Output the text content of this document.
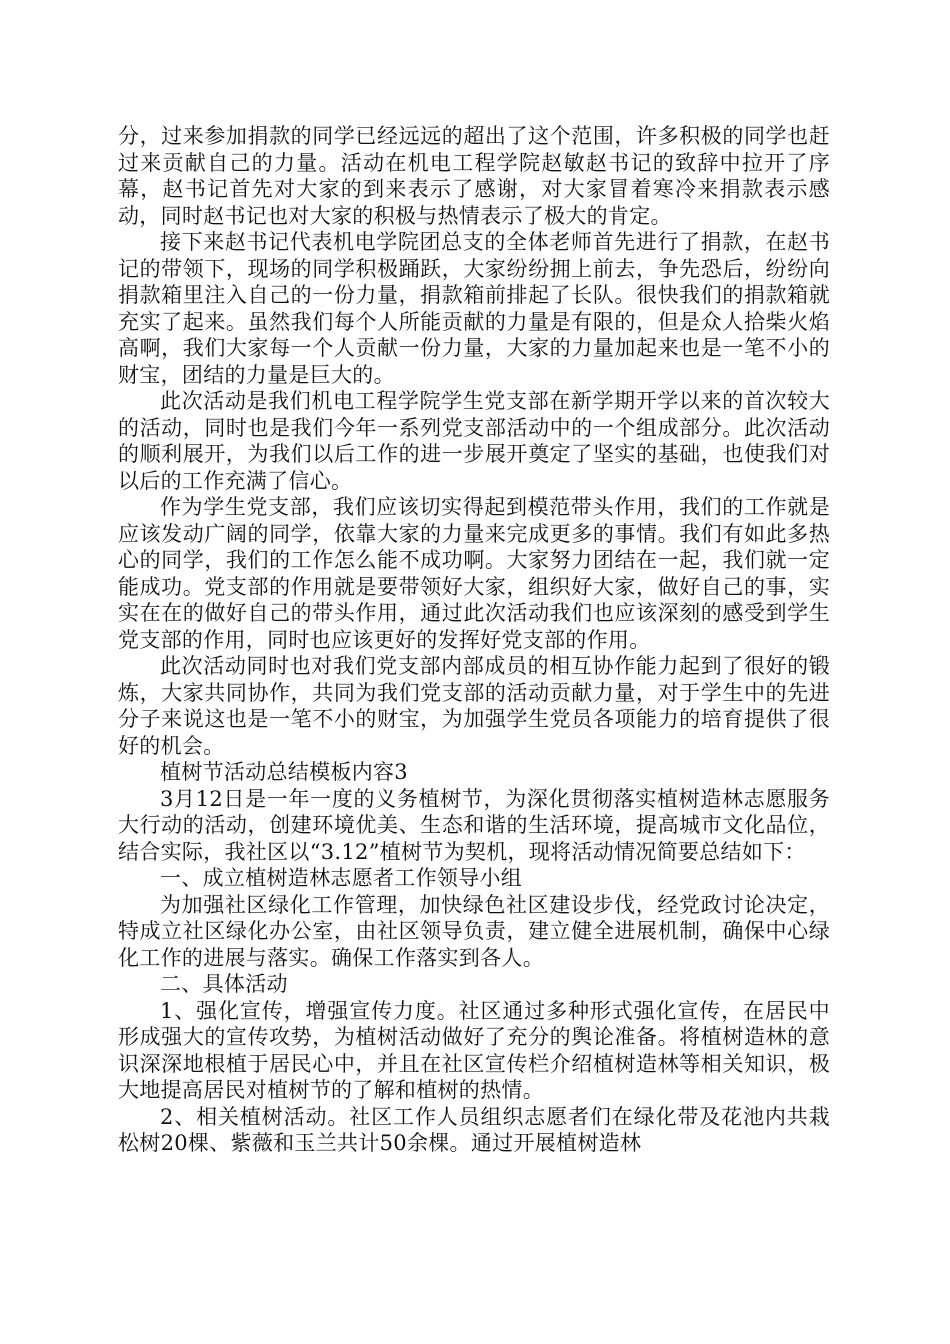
分，过来参加捐款的同学已经远远的超出了这个范围，许多积极的同学也赶过来贡献自己的力量。活动在机电工程学院赵敏赵书记的致辞中拉开了序幕，赵书记首先对大家的到来表示了感谢，对大家冒着寒冷来捐款表示感动，同时赵书记也对大家的积极与热情表示了极大的肯定。

接下来赵书记代表机电学院团总支的全体老师首先进行了捐款，在赵书记的带领下，现场的同学积极踊跃，大家纷纷拥上前去，争先恐后，纷纷向捐款箱里注入自己的一份力量，捐款箱前排起了长队。很快我们的捐款箱就充实了起来。虽然我们每个人所能贡献的力量是有限的，但是众人拾柴火焰高啊，我们大家每一个人贡献一份力量，大家的力量加起来也是一笔不小的财宝，团结的力量是巨大的。

此次活动是我们机电工程学院学生党支部在新学期开学以来的首次较大的活动，同时也是我们今年一系列党支部活动中的一个组成部分。此次活动的顺利展开，为我们以后工作的进一步展开奠定了坚实的基础，也使我们对以后的工作充满了信心。

作为学生党支部，我们应该切实得起到模范带头作用，我们的工作就是应该发动广阔的同学，依靠大家的力量来完成更多的事情。我们有如此多热心的同学，我们的工作怎么能不成功啊。大家努力团结在一起，我们就一定能成功。党支部的作用就是要带领好大家，组织好大家，做好自己的事，实实在在的做好自己的带头作用，通过此次活动我们也应该深刻的感受到学生党支部的作用，同时也应该更好的发挥好党支部的作用。

此次活动同时也对我们党支部内部成员的相互协作能力起到了很好的锻炼，大家共同协作，共同为我们党支部的活动贡献力量，对于学生中的先进分子来说这也是一笔不小的财宝，为加强学生党员各项能力的培育提供了很好的机会。

植树节活动总结模板内容3

3月12日是一年一度的义务植树节，为深化贯彻落实植树造林志愿服务大行动的活动，创建环境优美、生态和谐的生活环境，提高城市文化品位，结合实际，我社区以“3.12”植树节为契机，现将活动情况简要总结如下：

一、成立植树造林志愿者工作领导小组

为加强社区绿化工作管理，加快绿色社区建设步伐，经党政讨论决定，特成立社区绿化办公室，由社区领导负责，建立健全进展机制，确保中心绿化工作的进展与落实。确保工作落实到各人。

二、具体活动

1、强化宣传，增强宣传力度。社区通过多种形式强化宣传，在居民中形成强大的宣传攻势，为植树活动做好了充分的舆论准备。将植树造林的意识深深地根植于居民心中，并且在社区宣传栏介绍植树造林等相关知识，极大地提高居民对植树节的了解和植树的热情。

2、相关植树活动。社区工作人员组织志愿者们在绿化带及花池内共栽松树20棵、紫薇和玉兰共计50余棵。通过开展植树造林
